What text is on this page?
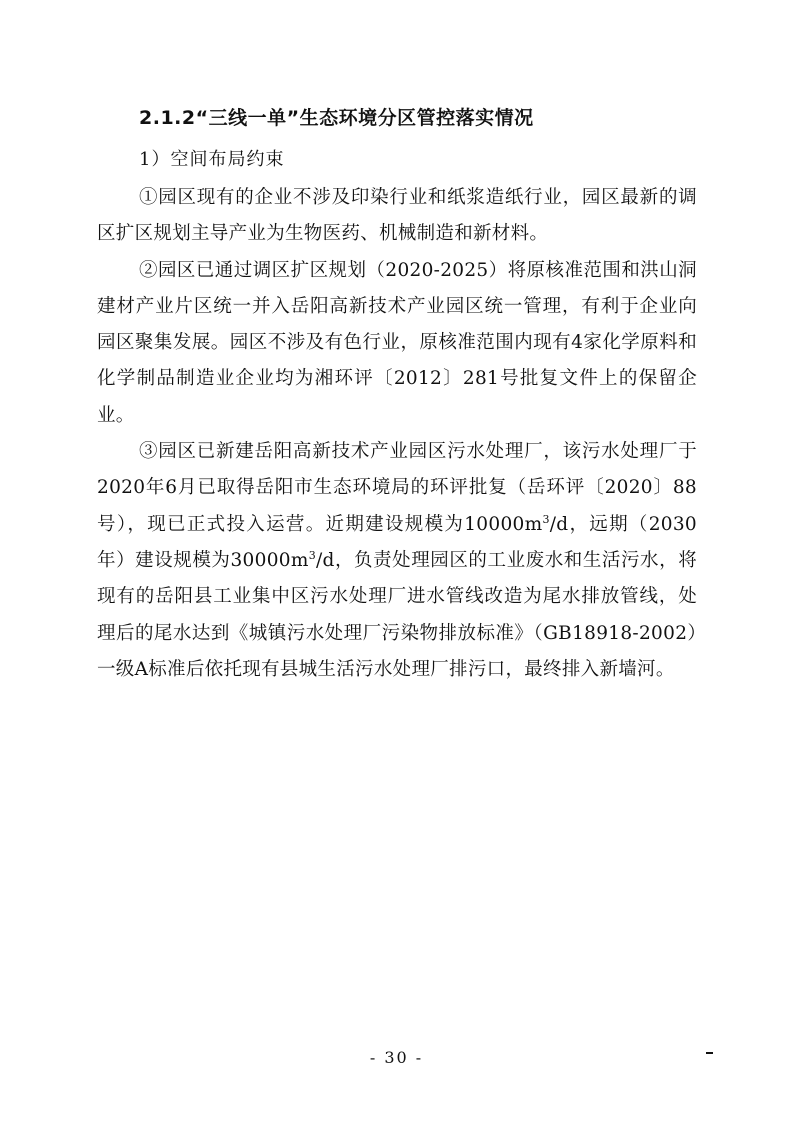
2.1.2“三线一单”生态环境分区管控落实情况

1）空间布局约束

①园区现有的企业不涉及印染行业和纸浆造纸行业，园区最新的调区扩区规划主导产业为生物医药、机械制造和新材料。

②园区已通过调区扩区规划（2020-2025）将原核准范围和洪山洞建材产业片区统一并入岳阳高新技术产业园区统一管理，有利于企业向园区聚集发展。园区不涉及有色行业，原核准范围内现有4家化学原料和化学制品制造业企业均为湘环评〔2012〕281号批复文件上的保留企业。

③园区已新建岳阳高新技术产业园区污水处理厂，该污水处理厂于2020年6月已取得岳阳市生态环境局的环评批复（岳环评〔2020〕88号），现已正式投入运营。近期建设规模为$10000m^3/d$，远期（2030年）建设规模为$30000m^3/d$，负责处理园区的工业废水和生活污水，将现有的岳阳县工业集中区污水处理厂进水管线改造为尾水排放管线，处理后的尾水达到《城镇污水处理厂污染物排放标准》（GB18918-2002）一级A标准后依托现有县城生活污水处理厂排污口，最终排入新墙河。

- 30 -
